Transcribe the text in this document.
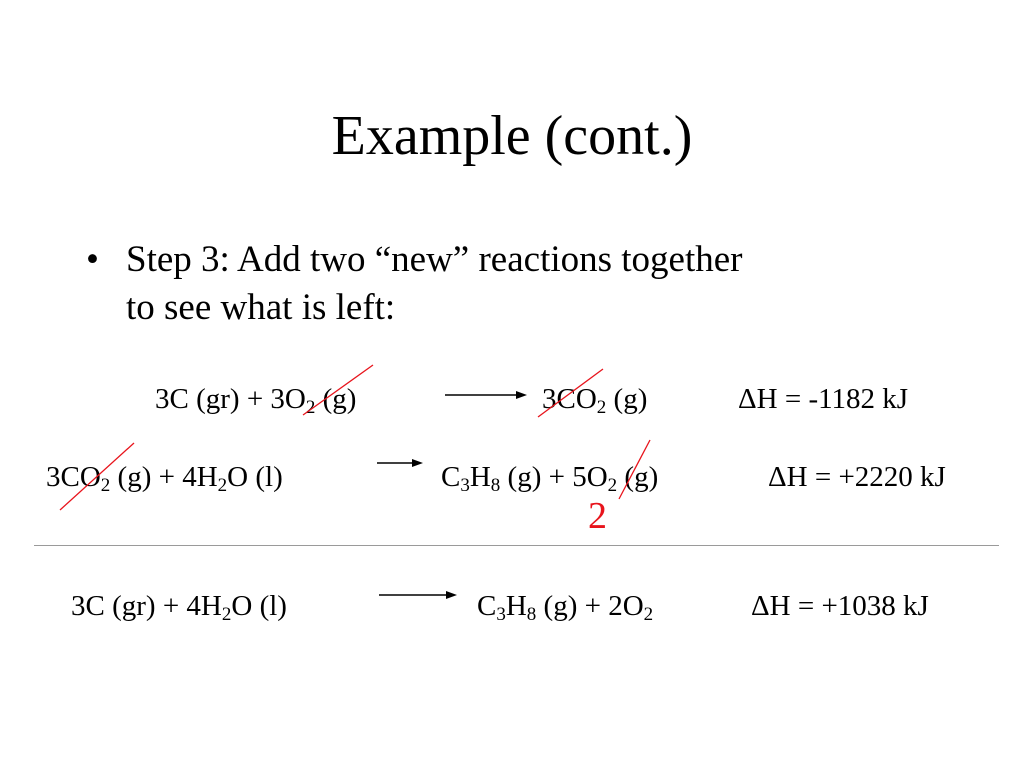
Example (cont.)
• Step 3: Add two “new” reactions together
to see what is left:
3C $(gr) + 3O_2$ (g)	$3CO_2$ (g)	ΔH = -1182 kJ
$3CO_2$ $(g) + 4H_2O$ (l)	→ $C_3H_8$ $(g) + 5O_2$ (g)	ΔH = +2220 kJ
2
3C $(gr) + 4H_2O$ (l)	$C_3H_8$ $(g) + 2O_2$	ΔH = +1038 kJ
